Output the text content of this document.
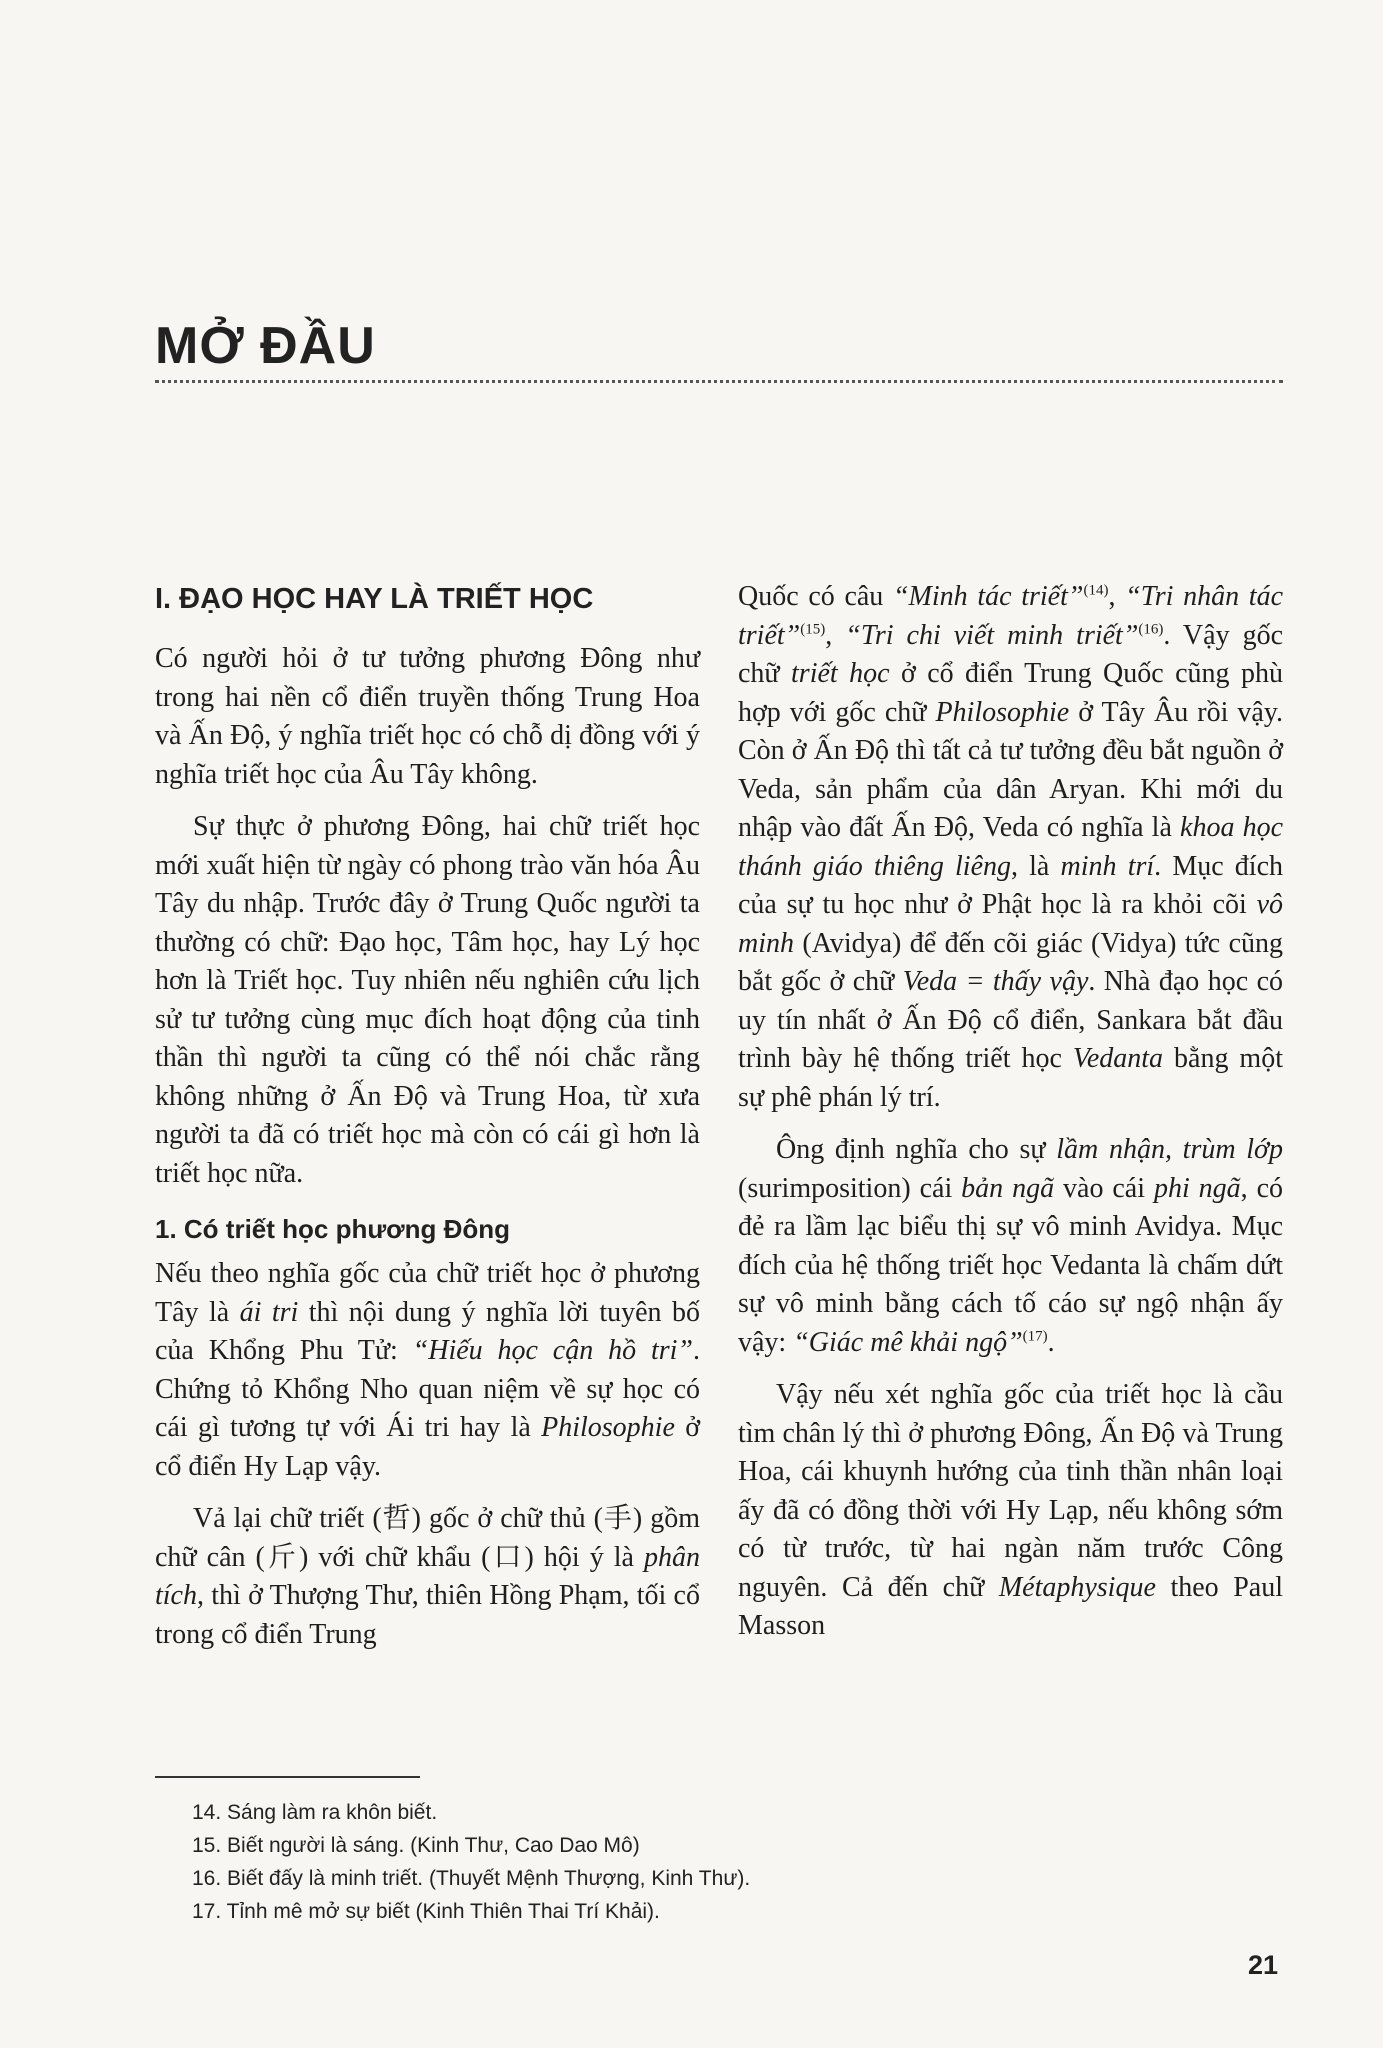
MỞ ĐẦU
I. ĐẠO HỌC HAY LÀ TRIẾT HỌC

Có người hỏi ở tư tưởng phương Đông như trong hai nền cổ điển truyền thống Trung Hoa và Ấn Độ, ý nghĩa triết học có chỗ dị đồng với ý nghĩa triết học của Âu Tây không.

Sự thực ở phương Đông, hai chữ triết học mới xuất hiện từ ngày có phong trào văn hóa Âu Tây du nhập. Trước đây ở Trung Quốc người ta thường có chữ: Đạo học, Tâm học, hay Lý học hơn là Triết học. Tuy nhiên nếu nghiên cứu lịch sử tư tưởng cùng mục đích hoạt động của tinh thần thì người ta cũng có thể nói chắc rằng không những ở Ấn Độ và Trung Hoa, từ xưa người ta đã có triết học mà còn có cái gì hơn là triết học nữa.

1. Có triết học phương Đông

Nếu theo nghĩa gốc của chữ triết học ở phương Tây là ái tri thì nội dung ý nghĩa lời tuyên bố của Khổng Phu Tử: “Hiếu học cận hồ tri”. Chứng tỏ Khổng Nho quan niệm về sự học có cái gì tương tự với Ái tri hay là Philosophie ở cổ điển Hy Lạp vậy.

Vả lại chữ triết (哲) gốc ở chữ thủ (手) gồm chữ cân (斤) với chữ khẩu (口) hội ý là phân tích, thì ở Thượng Thư, thiên Hồng Phạm, tối cổ trong cổ điển Trung

Quốc có câu “Minh tác triết”$^{(14)}$, “Tri nhân tác triết”$^{(15)}$, “Tri chi viết minh triết”$^{(16)}$. Vậy gốc chữ triết học ở cổ điển Trung Quốc cũng phù hợp với gốc chữ Philosophie ở Tây Âu rồi vậy. Còn ở Ấn Độ thì tất cả tư tưởng đều bắt nguồn ở Veda, sản phẩm của dân Aryan. Khi mới du nhập vào đất Ấn Độ, Veda có nghĩa là khoa học thánh giáo thiêng liêng, là minh trí. Mục đích của sự tu học như ở Phật học là ra khỏi cõi vô minh (Avidya) để đến cõi giác (Vidya) tức cũng bắt gốc ở chữ Veda = thấy vậy. Nhà đạo học có uy tín nhất ở Ấn Độ cổ điển, Sankara bắt đầu trình bày hệ thống triết học Vedanta bằng một sự phê phán lý trí.

Ông định nghĩa cho sự lầm nhận, trùm lớp (surimposition) cái bản ngã vào cái phi ngã, có đẻ ra lầm lạc biểu thị sự vô minh Avidya. Mục đích của hệ thống triết học Vedanta là chấm dứt sự vô minh bằng cách tố cáo sự ngộ nhận ấy vậy: “Giác mê khải ngộ”$^{(17)}$.

Vậy nếu xét nghĩa gốc của triết học là cầu tìm chân lý thì ở phương Đông, Ấn Độ và Trung Hoa, cái khuynh hướng của tinh thần nhân loại ấy đã có đồng thời với Hy Lạp, nếu không sớm có từ trước, từ hai ngàn năm trước Công nguyên. Cả đến chữ Métaphysique theo Paul Masson

14. Sáng làm ra khôn biết.
15. Biết người là sáng. (Kinh Thư, Cao Dao Mô)
16. Biết đấy là minh triết. (Thuyết Mệnh Thượng, Kinh Thư).
17. Tỉnh mê mở sự biết (Kinh Thiên Thai Trí Khải).
21
